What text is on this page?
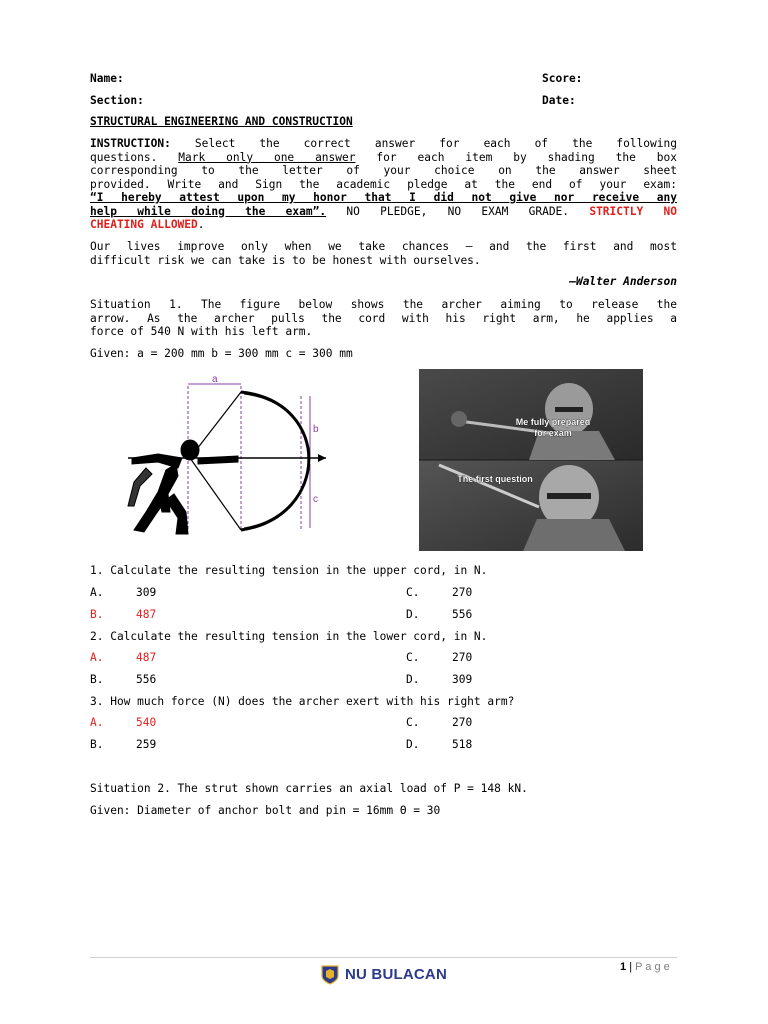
Name:	Score:
Section:	Date:
STRUCTURAL ENGINEERING AND CONSTRUCTION
INSTRUCTION: Select the correct answer for each of the following
questions. Mark only one answer for each item by shading the box
corresponding to the letter of your choice on the answer sheet
provided. Write and Sign the academic pledge at the end of your exam:
“I hereby attest upon my honor that I did not give nor receive any
help while doing the exam”. NO PLEDGE, NO EXAM GRADE. STRICTLY NO
CHEATING ALLOWED.
Our lives improve only when we take chances – and the first and most
difficult risk we can take is to be honest with ourselves.
–Walter Anderson
Situation 1. The figure below shows the archer aiming to release the
arrow. As the archer pulls the cord with his right arm, he applies a
force of 540 N with his left arm.
Given: a = 200 mm b = 300 mm c = 300 mm
a
b
c
Me fully prepared
for exam
The first question
1. Calculate the resulting tension in the upper cord, in N.
A.	309	C.	270
B.	487	D.	556
2. Calculate the resulting tension in the lower cord, in N.
A.	487	C.	270
B.	556	D.	309
3. How much force (N) does the archer exert with his right arm?
A.	540	C.	270
B.	259	D.	518
Situation 2. The strut shown carries an axial load of P = 148 kN.
Given: Diameter of anchor bolt and pin = 16mm Θ = 30
1 | P a g e
NU BULACAN
